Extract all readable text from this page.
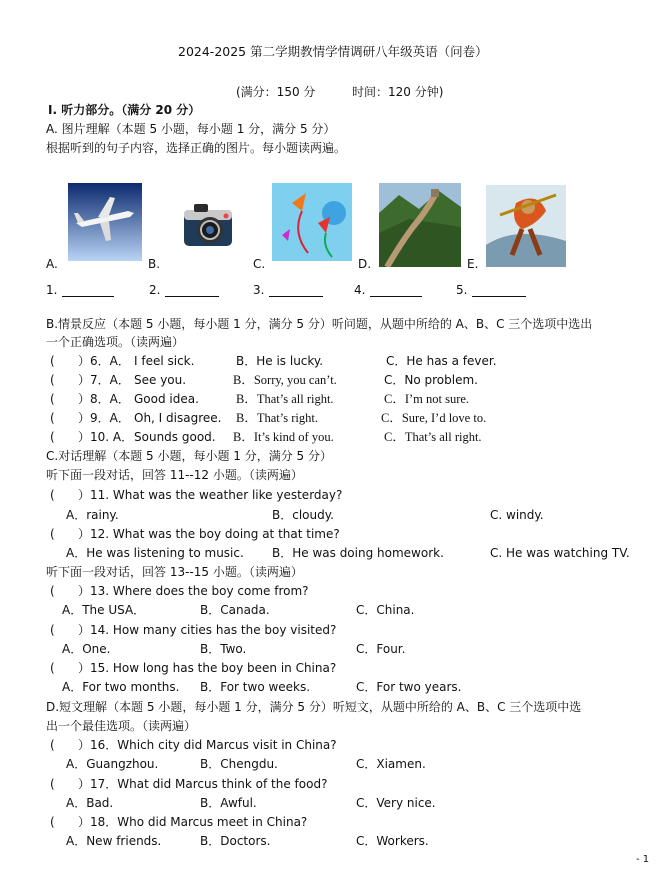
2024-2025 第二学期教情学情调研八年级英语（问卷）
(满分：150 分	时间：120 分钟)
Ⅰ. 听力部分。（满分 20 分）
A. 图片理解（本题 5 小题，每小题 1 分，满分 5 分）
根据听到的句子内容，选择正确的图片。每小题读两遍。
A.	B.	C.	D.	E.
1.	2.	3.	4.	5.
B.情景反应（本题 5 小题，每小题 1 分，满分 5 分）听问题，从题中所给的 A、B、C 三个选项中选出
一个正确选项。（读两遍）
( ）6．A． I feel sick.	B．He is lucky.	C．He has a fever.
( ）7．A． See you.	B．Sorry, you can’t.	C．No problem.
( ）8．A． Good idea.	B．That’s all right.	C．I’m not sure.
( ）9．A． Oh, I disagree. B．That’s right.	C．Sure, I’d love to.
( ）10. A． Sounds good. B．It’s kind of you.	C．That’s all right.
C.对话理解（本题 5 小题，每小题 1 分，满分 5 分）
听下面一段对话，回答 11--12 小题。（读两遍）
( ）11. What was the weather like yesterday?
A．rainy.	B．cloudy.	C. windy.
( ）12. What was the boy doing at that time?
A．He was listening to music. B．He was doing homework.	C. He was watching TV.
听下面一段对话，回答 13--15 小题。（读两遍）
( ）13. Where does the boy come from?
A．The USA．	B．Canada.	C．China.
( ）14. How many cities has the boy visited?
A．One.	B．Two.	C．Four.
( ）15. How long has the boy been in China?
A．For two months. B．For two weeks.	C．For two years.
D.短文理解（本题 5 小题，每小题 1 分，满分 5 分）听短文，从题中所给的 A、B、C 三个选项中选
出一个最佳选项。（读两遍）
( ）16．Which city did Marcus visit in China?
A．Guangzhou.	B．Chengdu.	C．Xiamen.
( ）17．What did Marcus think of the food?
A．Bad.	B．Awful.	C．Very nice.
( ）18．Who did Marcus meet in China?
A．New friends.	B．Doctors.	C．Workers.
- 1
